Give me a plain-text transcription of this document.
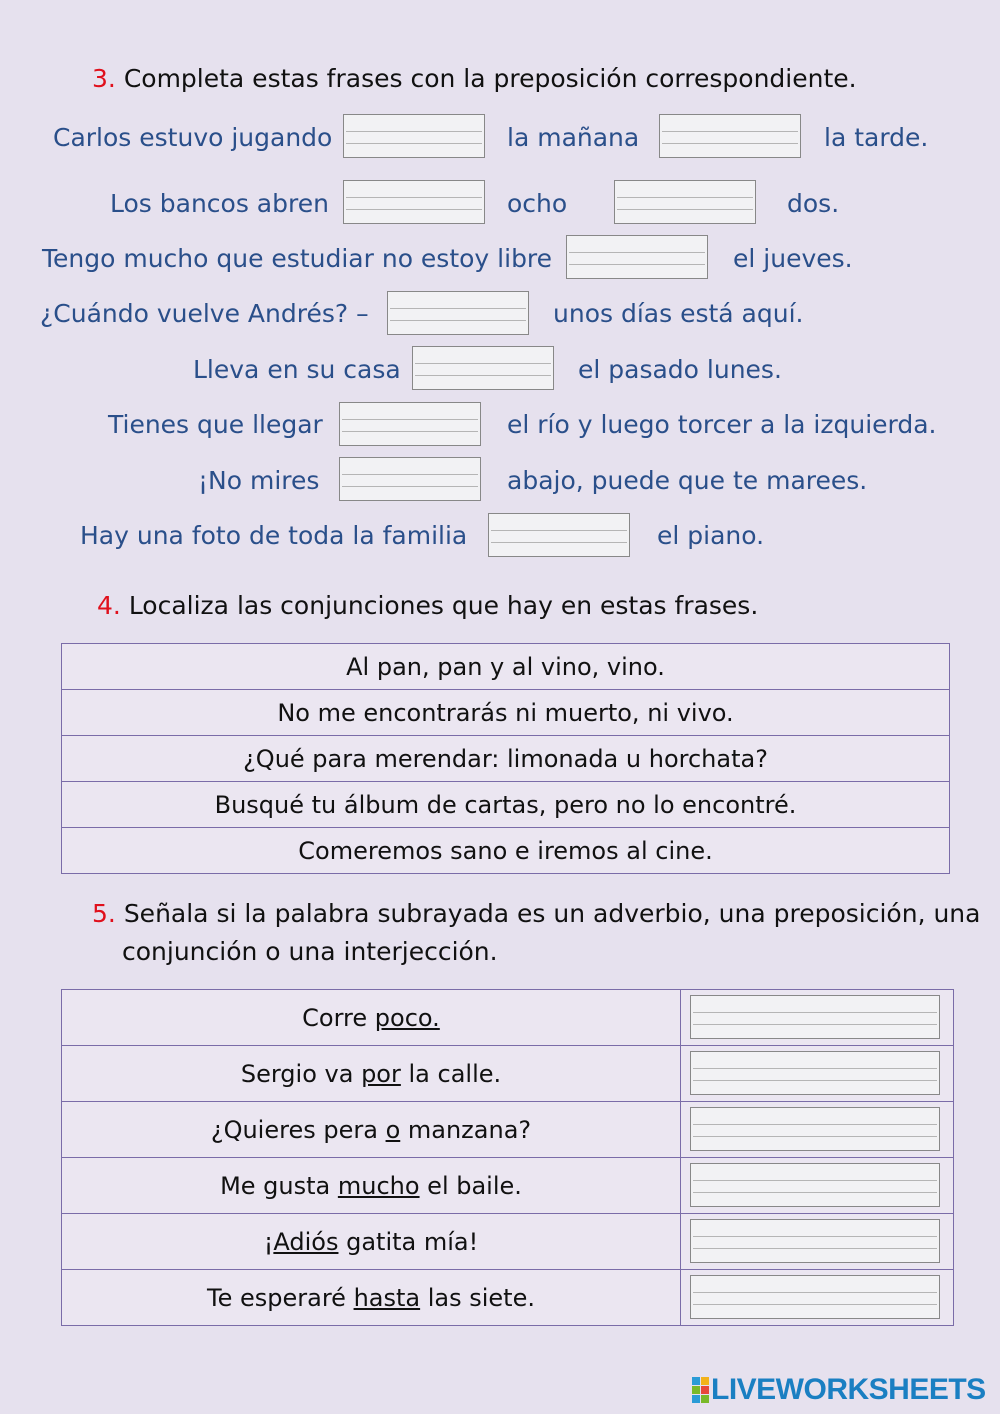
3. Completa estas frases con la preposición correspondiente.
Carlos estuvo jugando	la mañana	la tarde.
Los bancos abren	ocho	dos.
Tengo mucho que estudiar no estoy libre	el jueves.
¿Cuándo vuelve Andrés? –	unos días está aquí.
Lleva en su casa	el pasado lunes.
Tienes que llegar	el río y luego torcer a la izquierda.
¡No mires	abajo, puede que te marees.
Hay una foto de toda la familia	el piano.
4. Localiza las conjunciones que hay en estas frases.
Al pan, pan y al vino, vino.
No me encontrarás ni muerto, ni vivo.
¿Qué para merendar: limonada u horchata?
Busqué tu álbum de cartas, pero no lo encontré.
Comeremos sano e iremos al cine.
5. Señala si la palabra subrayada es un adverbio, una preposición, una
conjunción o una interjección.
Corre poco.	

Sergio va por la calle.	

¿Quieres pera o manzana?	

Me gusta mucho el baile.	

¡Adiós gatita mía!	

Te esperaré hasta las siete.	
LIVEWORKSHEETS
